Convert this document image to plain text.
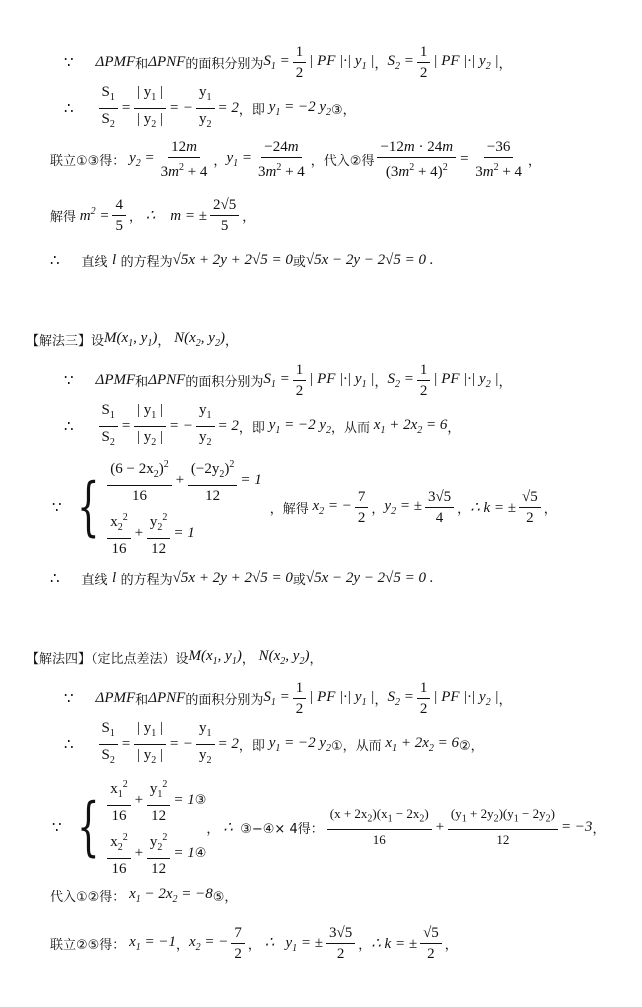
∵ ΔPMF 和 ΔPNF 的面积分别为 $S_1 = \frac{1}{2}$ | PF |·| $y_1$ | ， $S_2 = \frac{1}{2}$ | PF |·| $y_2$ | ，
∴ $\frac{S_1}{S_2} = \frac{| y_1 |}{| y_2 |}$ = − $\frac{y_1}{y_2} = 2$ ，即 $y_1 = -2$ $y_2$ ③，
联立①③得： $y_2 = \frac{12m}{3m^2 + 4}$ ， $y_1 = \frac{-24m}{3m^2 + 4}$ ，代入②得 $\frac{-12m \cdot 24m}{(3m^2 + 4)^2} = \frac{-36}{3m^2 + 4}$ ，
解得 $m^2 = \frac{4}{5}$ ， ∴    m = ± $\frac{2√5}{5}$ ，
∴ 直线
l
的方程为 √5x + 2y + 2√5 = 0 或 √5x − 2y − 2√5 = 0 .
【解法三】设 $M(x_1$, $y_1$) ， $N(x_2$, $y_2$) ，
∵ ΔPMF 和 ΔPNF 的面积分别为 $S_1 = \frac{1}{2}$ | PF |·| $y_1$ | ， $S_2 = \frac{1}{2}$ | PF |·| $y_2$ | ，
∴ $\frac{S_1}{S_2} = \frac{| y_1 |}{| y_2 |}$ = − $\frac{y_1}{y_2} = 2$ ，即 $y_1 = -2$ $y_2$ ，从而 $x_1 + 2x_2 = 6$ ，
∵ { $\frac{(6 - 2x_2)^2}{16} + \frac{(-2y_2)^2}{12} = 1$
$\frac{x_2^2}{16} + \frac{y_2^2}{12} = 1$
，解得 $x_2$ = − $\frac{7}{2}$ ， $y_2$ = ± $\frac{3√5}{4}$ ， ∴ k = ± $\frac{√5}{2}$ ，
∴ 直线
l
的方程为 √5x + 2y + 2√5 = 0 或 √5x − 2y − 2√5 = 0 .
【解法四】（定比点差法）设 $M(x_1$, $y_1$) ， $N(x_2$, $y_2$) ，
∵ ΔPMF 和 ΔPNF 的面积分别为 $S_1 = \frac{1}{2}$ | PF |·| $y_1$ | ， $S_2 = \frac{1}{2}$ | PF |·| $y_2$ | ，
∴ $\frac{S_1}{S_2} = \frac{| y_1 |}{| y_2 |}$ = − $\frac{y_1}{y_2} = 2$ ，即 $y_1 = -2$ $y_2$ ①，从而 $x_1 + 2x_2 = 6$ ②，
∵ { $\frac{x_1^2}{16} + \frac{y_1^2}{12} = 1$ ③
$\frac{x_2^2}{16} + \frac{y_2^2}{12} = 1$ ④
， ∴ ③−④× 4得： $\frac{(x + 2x_2)(x_1 - 2x_2)}{16} + \frac{(y_1 + 2y_2)(y_1 - 2y_2)}{12} = -3$ ，
代入①②得： $x_1 - 2x_2 = -8$ ⑤，
联立②⑤得： $x_1 = -1$ ， $x_2$ = − $\frac{7}{2}$ ， ∴   $y_1$ = ± $\frac{3√5}{2}$ ， ∴ k = ± $\frac{√5}{2}$ ，
